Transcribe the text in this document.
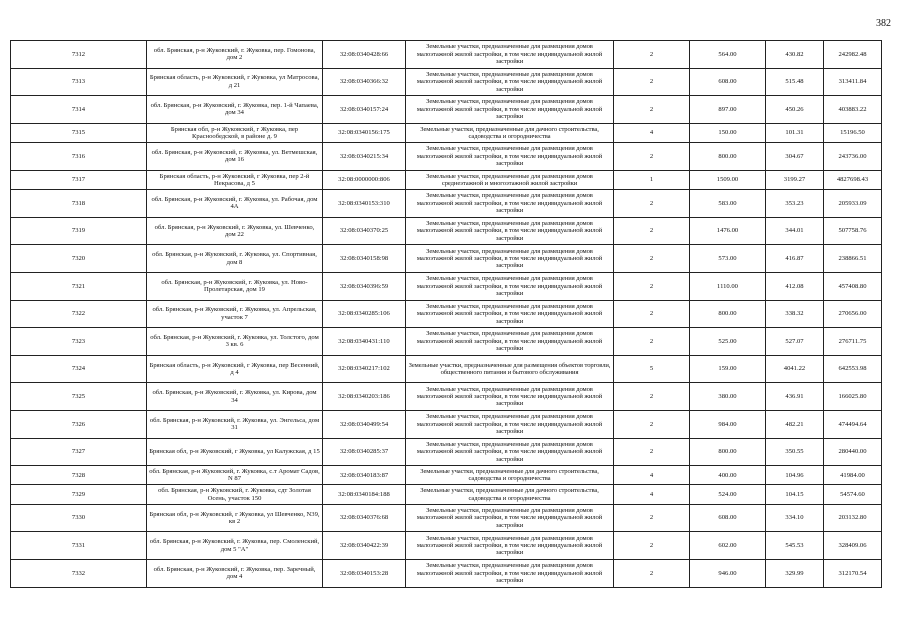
382
7312	обл. Брянская, р-н Жуковский, г. Жуковка, пер. Гомонова, дом 2	32:08:0340428:66	Земельные участки, предназначенные для размещения домов малоэтажной жилой застройки, в том числе индивидуальной жилой застройки	2	564.00	430.82	242982.48
7313	Брянская область, р-н Жуковский, г Жуковка, ул Матросова, д 21	32:08:0340366:32	Земельные участки, предназначенные для размещения домов малоэтажной жилой застройки, в том числе индивидуальной жилой застройки	2	608.00	515.48	313411.84
7314	обл. Брянская, р-н Жуковский, г. Жуковка, пер. 1-й Чапаева, дом 34	32:08:0340157:24	Земельные участки, предназначенные для размещения домов малоэтажной жилой застройки, в том числе индивидуальной жилой застройки	2	897.00	450.26	403883.22
7315	Брянская обл, р-н Жуковский, г Жуковка, пер Краснообедской, в районе д. 9	32:08:0340156:175	Земельные участки, предназначенные для дачного строительства, садоводства и огородничества	4	150.00	101.31	15196.50
7316	обл. Брянская, р-н Жуковский, г. Жуковка, ул. Ветмешская, дом 16	32:08:0340215:34	Земельные участки, предназначенные для размещения домов малоэтажной жилой застройки, в том числе индивидуальной жилой застройки	2	800.00	304.67	243736.00
7317	Брянская область, р-н Жуковский, г Жуковка, пер 2-й Некрасова, д 5	32:08:0000000:806	Земельные участки, предназначенные для размещения домов среднеэтажной и многоэтажной жилой застройки	1	1509.00	3199.27	4827698.43
7318	обл. Брянская, р-н Жуковский, г. Жуковка, ул. Рабочая, дом 4А	32:08:0340153:310	Земельные участки, предназначенные для размещения домов малоэтажной жилой застройки, в том числе индивидуальной жилой застройки	2	583.00	353.23	205933.09
7319	обл. Брянская, р-н Жуковский, г. Жуковка, ул. Шевченко, дом 22	32:08:0340370:25	Земельные участки, предназначенные для размещения домов малоэтажной жилой застройки, в том числе индивидуальной жилой застройки	2	1476.00	344.01	507758.76
7320	обл. Брянская, р-н Жуковский, г. Жуковка, ул. Спортивная, дом 8	32:08:0340158:98	Земельные участки, предназначенные для размещения домов малоэтажной жилой застройки, в том числе индивидуальной жилой застройки	2	573.00	416.87	238866.51
7321	обл. Брянская, р-н Жуковский, г. Жуковка, ул. Ново-Пролетарская, дом 19	32:08:0340396:59	Земельные участки, предназначенные для размещения домов малоэтажной жилой застройки, в том числе индивидуальной жилой застройки	2	1110.00	412.08	457408.80
7322	обл. Брянская, р-н Жуковский, г. Жуковка, ул. Апрельская, участок 7	32:08:0340285:106	Земельные участки, предназначенные для размещения домов малоэтажной жилой застройки, в том числе индивидуальной жилой застройки	2	800.00	338.32	270656.00
7323	обл. Брянская, р-н Жуковский, г. Жуковка, ул. Толстого, дом 3 кв. 6	32:08:0340431:110	Земельные участки, предназначенные для размещения домов малоэтажной жилой застройки, в том числе индивидуальной жилой застройки	2	525.00	527.07	276711.75
7324	Брянская область, р-н Жуковский, г Жуковка, пер Весенний, д 4	32:08:0340217:102	Земельные участки, предназначенные для размещения объектов торговли, общественного питания и бытового обслуживания	5	159.00	4041.22	642553.98
7325	обл. Брянская, р-н Жуковский, г. Жуковка, ул. Кирова, дом 34	32:08:0340203:186	Земельные участки, предназначенные для размещения домов малоэтажной жилой застройки, в том числе индивидуальной жилой застройки	2	380.00	436.91	166025.80
7326	обл. Брянская, р-н Жуковский, г. Жуковка, ул. Энгельса, дом 31	32:08:0340499:54	Земельные участки, предназначенные для размещения домов малоэтажной жилой застройки, в том числе индивидуальной жилой застройки	2	984.00	482.21	474494.64
7327	Брянская обл, р-н Жуковский, г Жуковка, ул Калужская, д 15	32:08:0340285:37	Земельные участки, предназначенные для размещения домов малоэтажной жилой застройки, в том числе индивидуальной жилой застройки	2	800.00	350.55	280440.00
7328	обл. Брянская, р-н Жуковский, г. Жуковка, с.т Аромат Садов, N 87	32:08:0340183:87	Земельные участки, предназначенные для дачного строительства, садоводства и огородничества	4	400.00	104.96	41984.00
7329	обл. Брянская, р-н Жуковский, г. Жуковка, сдт Золотая Осень, участок 150	32:08:0340184:188	Земельные участки, предназначенные для дачного строительства, садоводства и огородничества	4	524.00	104.15	54574.60
7330	Брянская обл, р-н Жуковский, г Жуковка, ул Шевченко, N39, кв 2	32:08:0340376:68	Земельные участки, предназначенные для размещения домов малоэтажной жилой застройки, в том числе индивидуальной жилой застройки	2	608.00	334.10	203132.80
7331	обл. Брянская, р-н Жуковский, г. Жуковка, пер. Смоленский, дом 5 "А"	32:08:0340422:39	Земельные участки, предназначенные для размещения домов малоэтажной жилой застройки, в том числе индивидуальной жилой застройки	2	602.00	545.53	328409.06
7332	обл. Брянская, р-н Жуковский, г. Жуковка, пер. Заречный, дом 4	32:08:0340153:28	Земельные участки, предназначенные для размещения домов малоэтажной жилой застройки, в том числе индивидуальной жилой застройки	2	946.00	329.99	312170.54
